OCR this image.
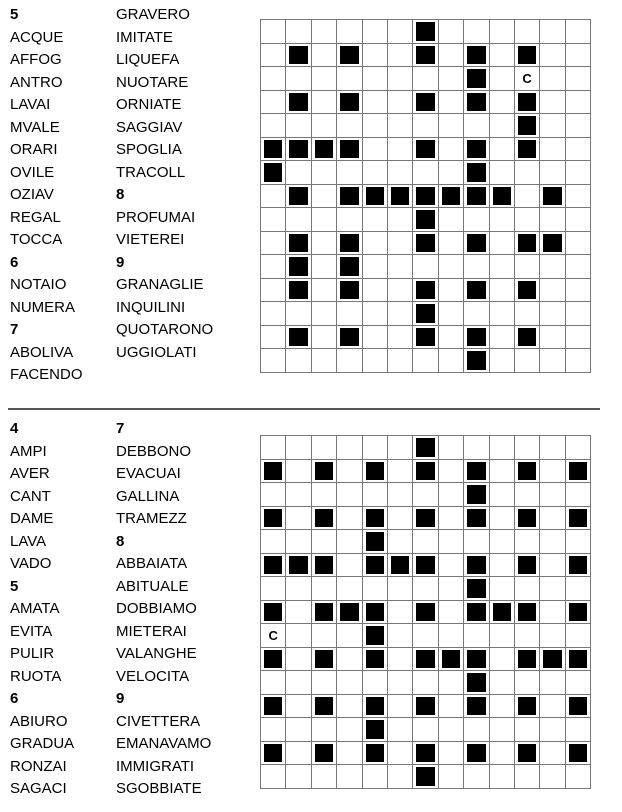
5
ACQUE
AFFOG
ANTRO
LAVAI
MVALE
ORARI
OVILE
OZIAV
REGAL
TOCCA
6
NOTAIO
NUMERA
7
ABOLIVA
FACENDO
GRAVERO
IMITATE
LIQUEFA
NUOTARE
ORNIATE
SAGGIAV
SPOGLIA
TRACOLL
8
PROFUMAI
VIETEREI
9
GRANAGLIE
INQUILINI
QUOTARONO
UGGIOLATI

										C		

4
AMPI
AVER
CANT
DAME
LAVA
VADO
5
AMATA
EVITA
PULIR
RUOTA
6
ABIURO
GRADUA
RONZAI
SAGACI
7
DEBBONO
EVACUAI
GALLINA
TRAMEZZ
8
ABBAIATA
ABITUALE
DOBBIAMO
MIETERAI
VALANGHE
VELOCITA
9
CIVETTERA
EMANAVAMO
IMMIGRATI
SGOBBIATE

C												
